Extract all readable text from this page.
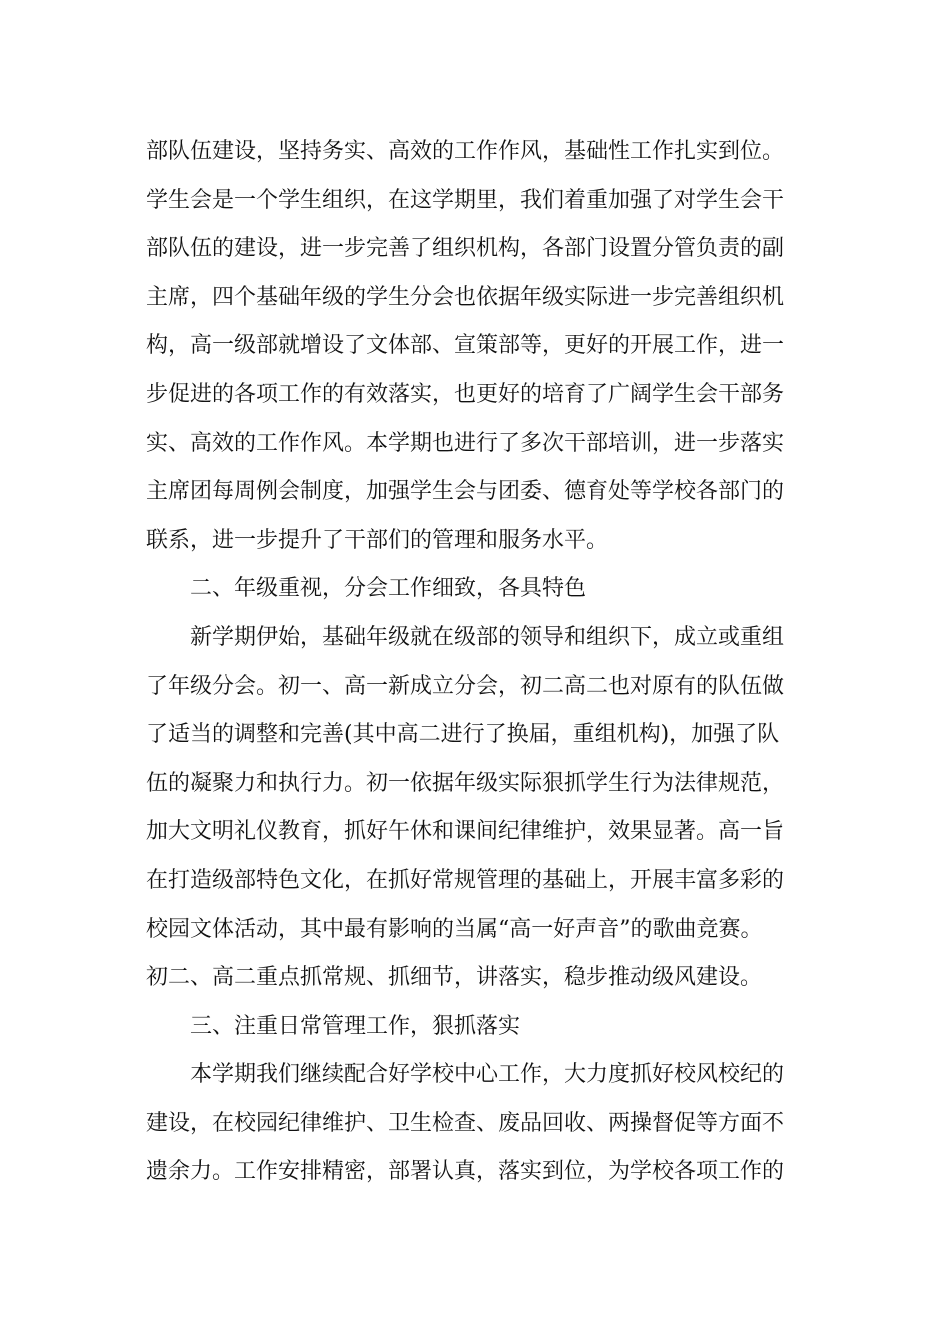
部队伍建设，坚持务实、高效的工作作风，基础性工作扎实到位。
学生会是一个学生组织，在这学期里，我们着重加强了对学生会干
部队伍的建设，进一步完善了组织机构，各部门设置分管负责的副
主席，四个基础年级的学生分会也依据年级实际进一步完善组织机
构，高一级部就增设了文体部、宣策部等，更好的开展工作，进一
步促进的各项工作的有效落实，也更好的培育了广阔学生会干部务
实、高效的工作作风。本学期也进行了多次干部培训，进一步落实
主席团每周例会制度，加强学生会与团委、德育处等学校各部门的
联系，进一步提升了干部们的管理和服务水平。
二、年级重视，分会工作细致，各具特色
新学期伊始，基础年级就在级部的领导和组织下，成立或重组
了年级分会。初一、高一新成立分会，初二高二也对原有的队伍做
了适当的调整和完善(其中高二进行了换届，重组机构)，加强了队
伍的凝聚力和执行力。初一依据年级实际狠抓学生行为法律规范，
加大文明礼仪教育，抓好午休和课间纪律维护，效果显著。高一旨
在打造级部特色文化，在抓好常规管理的基础上，开展丰富多彩的
校园文体活动，其中最有影响的当属“高一好声音”的歌曲竞赛。
初二、高二重点抓常规、抓细节，讲落实，稳步推动级风建设。
三、注重日常管理工作，狠抓落实
本学期我们继续配合好学校中心工作，大力度抓好校风校纪的
建设，在校园纪律维护、卫生检查、废品回收、两操督促等方面不
遗余力。工作安排精密，部署认真，落实到位，为学校各项工作的
